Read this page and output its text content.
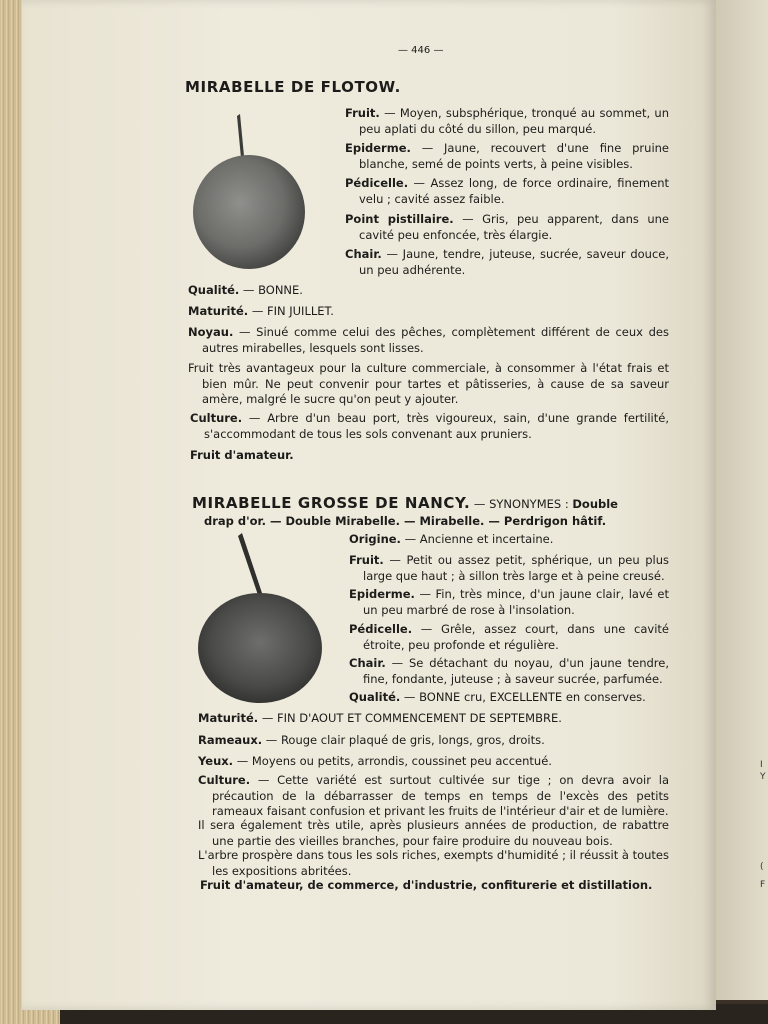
I
Y
(
F
— 446 —
MIRABELLE DE FLOTOW.

Fruit. — Moyen, subsphérique, tronqué au sommet, un peu aplati du côté du sillon, peu marqué.

Epiderme. — Jaune, recouvert d'une fine pruine blanche, semé de points verts, à peine visibles.

Pédicelle. — Assez long, de force ordinaire, finement velu ; cavité assez faible.

Point pistillaire. — Gris, peu apparent, dans une cavité peu enfoncée, très élargie.

Chair. — Jaune, tendre, juteuse, sucrée, saveur douce, un peu adhérente.

Qualité. — BONNE.

Maturité. — FIN JUILLET.

Noyau. — Sinué comme celui des pêches, complètement différent de ceux des autres mirabelles, lesquels sont lisses.

Fruit très avantageux pour la culture commerciale, à consommer à l'état frais et bien mûr. Ne peut convenir pour tartes et pâtisseries, à cause de sa saveur amère, malgré le sucre qu'on peut y ajouter.

Culture. — Arbre d'un beau port, très vigoureux, sain, d'une grande fertilité, s'accommodant de tous les sols convenant aux pruniers.

Fruit d'amateur.

MIRABELLE GROSSE DE NANCY. — SYNONYMES : Double
drap d'or. — Double Mirabelle. — Mirabelle. — Perdrigon hâtif.

Origine. — Ancienne et incertaine.

Fruit. — Petit ou assez petit, sphérique, un peu plus large que haut ; à sillon très large et à peine creusé.

Epiderme. — Fin, très mince, d'un jaune clair, lavé et un peu marbré de rose à l'insolation.

Pédicelle. — Grêle, assez court, dans une cavité étroite, peu profonde et régulière.

Chair. — Se détachant du noyau, d'un jaune tendre, fine, fondante, juteuse ; à saveur sucrée, parfumée.

Qualité. — BONNE cru, EXCELLENTE en conserves.

Maturité. — FIN D'AOUT ET COMMENCEMENT DE SEPTEMBRE.

Rameaux. — Rouge clair plaqué de gris, longs, gros, droits.

Yeux. — Moyens ou petits, arrondis, coussinet peu accentué.

Culture. — Cette variété est surtout cultivée sur tige ; on devra avoir la précaution de la débarrasser de temps en temps de l'excès des petits rameaux faisant confusion et privant les fruits de l'intérieur d'air et de lumière.

Il sera également très utile, après plusieurs années de production, de rabattre une partie des vieilles branches, pour faire produire du nouveau bois.

L'arbre prospère dans tous les sols riches, exempts d'humidité ; il réussit à toutes les expositions abritées.

Fruit d'amateur, de commerce, d'industrie, confiturerie et distillation.
